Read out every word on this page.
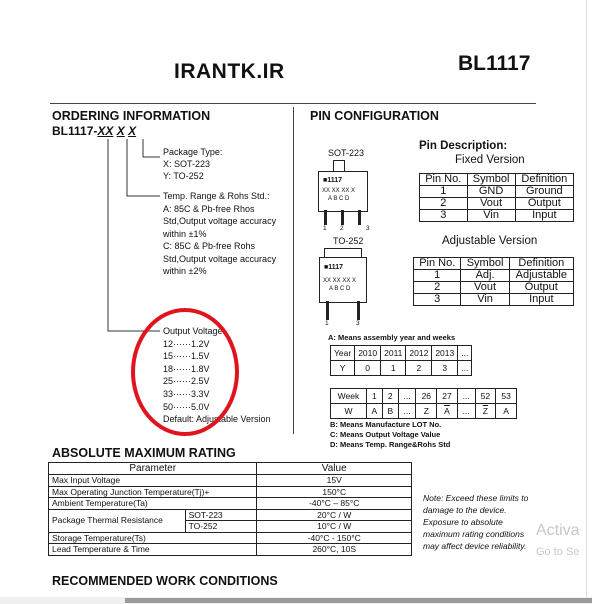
IRANTK.IR	BL1117
ORDERING INFORMATION
BL1117-XX X X
Package Type:
X: SOT-223
Y: TO-252
Temp. Range & Rohs Std.:
A: 85C & Pb-free Rhos
Std,Output voltage accuracy
within ±1%
C: 85C & Pb-free Rohs
Std,Output voltage accuracy
within ±2%
Output Voltage:
12······1.2V
15······1.5V
18······1.8V
25······2.5V
33······3.3V
50······5.0V
Default: Adjustable Version
PIN CONFIGURATION
SOT-223
■1117
XX XX XX X
A B C D
1 2	3
TO-252
■1117
XX XX XX X
A B C D
1	3
Pin Description:
Fixed Version
Pin No.	Symbol	Definition
1	GND	Ground
2	Vout	Output
3	Vin	Input
Adjustable Version
Pin No.	Symbol	Definition
1	Adj.	Adjustable
2	Vout	Output
3	Vin	Input
A: Means assembly year and weeks
Year	2010	2011	2012	2013	...
Y	0	1	2	3	...
Week	1	2	...	26	27	...	52	53
W	A	B	...	Z	$\overline{A}$	...	$\overline{Z}$	A
B: Means Manufacture LOT No.
C: Means Output Voltage Value
D: Means Temp. Range&Rohs Std
ABSOLUTE MAXIMUM RATING
Parameter		Value
Max Input Voltage		15V
Max Operating Junction Temperature(Tj)+		150°C
Ambient Temperature(Ta)		-40°C – 85°C
Package Thermal Resistance	SOT-223	20°C / W
	TO-252	10°C / W
Storage Temperature(Ts)		-40°C - 150°C
Lead Temperature & Time		260°C, 10S
Note: Exceed these limits to
damage to the device.
Exposure to absolute
maximum rating conditions
may affect device reliability.
RECOMMENDED WORK CONDITIONS
Activa
Go to Se
